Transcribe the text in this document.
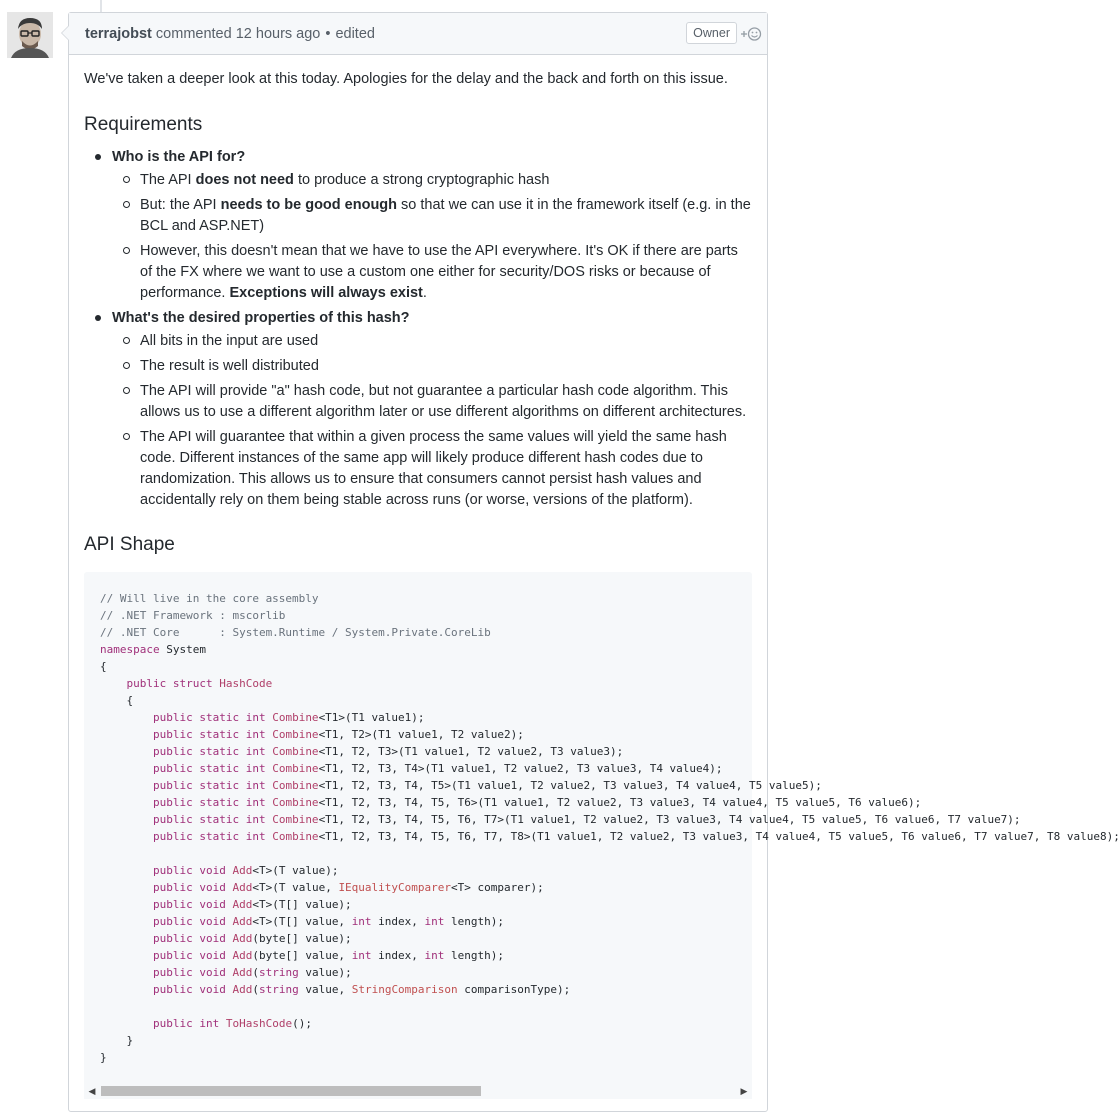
terrajobst
commented
12 hours ago • edited	Owner

We've taken a deeper look at this today. Apologies for the delay and the back and forth on this issue.

Requirements
Who is the API for?
The API does not need to produce a strong cryptographic hash
But: the API needs to be good enough so that we can use it in the framework itself (e.g. in the BCL and ASP.NET)
However, this doesn't mean that we have to use the API everywhere. It's OK if there are parts of the FX where we want to use a custom one either for security/DOS risks or because of performance. Exceptions will always exist.
What's the desired properties of this hash?
All bits in the input are used
The result is well distributed
The API will provide "a" hash code, but not guarantee a particular hash code algorithm. This allows us to use a different algorithm later or use different algorithms on different architectures.
The API will guarantee that within a given process the same values will yield the same hash code. Different instances of the same app will likely produce different hash codes due to randomization. This allows us to ensure that consumers cannot persist hash values and accidentally rely on them being stable across runs (or worse, versions of the platform).
API Shape
// Will live in the core assembly
// .NET Framework : mscorlib
// .NET Core      : System.Runtime / System.Private.CoreLib
namespace System
{
public struct HashCode
{
public static int Combine<T1>(T1 value1);
public static int Combine<T1, T2>(T1 value1, T2 value2);
public static int Combine<T1, T2, T3>(T1 value1, T2 value2, T3 value3);
public static int Combine<T1, T2, T3, T4>(T1 value1, T2 value2, T3 value3, T4 value4);
public static int Combine<T1, T2, T3, T4, T5>(T1 value1, T2 value2, T3 value3, T4 value4, T5 value5);
public static int Combine<T1, T2, T3, T4, T5, T6>(T1 value1, T2 value2, T3 value3, T4 value4, T5 value5, T6 value6);
public static int Combine<T1, T2, T3, T4, T5, T6, T7>(T1 value1, T2 value2, T3 value3, T4 value4, T5 value5, T6 value6, T7 value7);
public static int Combine<T1, T2, T3, T4, T5, T6, T7, T8>(T1 value1, T2 value2, T3 value3, T4 value4, T5 value5, T6 value6, T7 value7, T8 value8);

public void Add<T>(T value);
public void Add<T>(T value, IEqualityComparer<T> comparer);
public void Add<T>(T[] value);
public void Add<T>(T[] value, int index, int length);
public void Add(byte[] value);
public void Add(byte[] value, int index, int length);
public void Add(string value);
public void Add(string value, StringComparison comparisonType);

public int ToHashCode();
}
}
◀	▶
